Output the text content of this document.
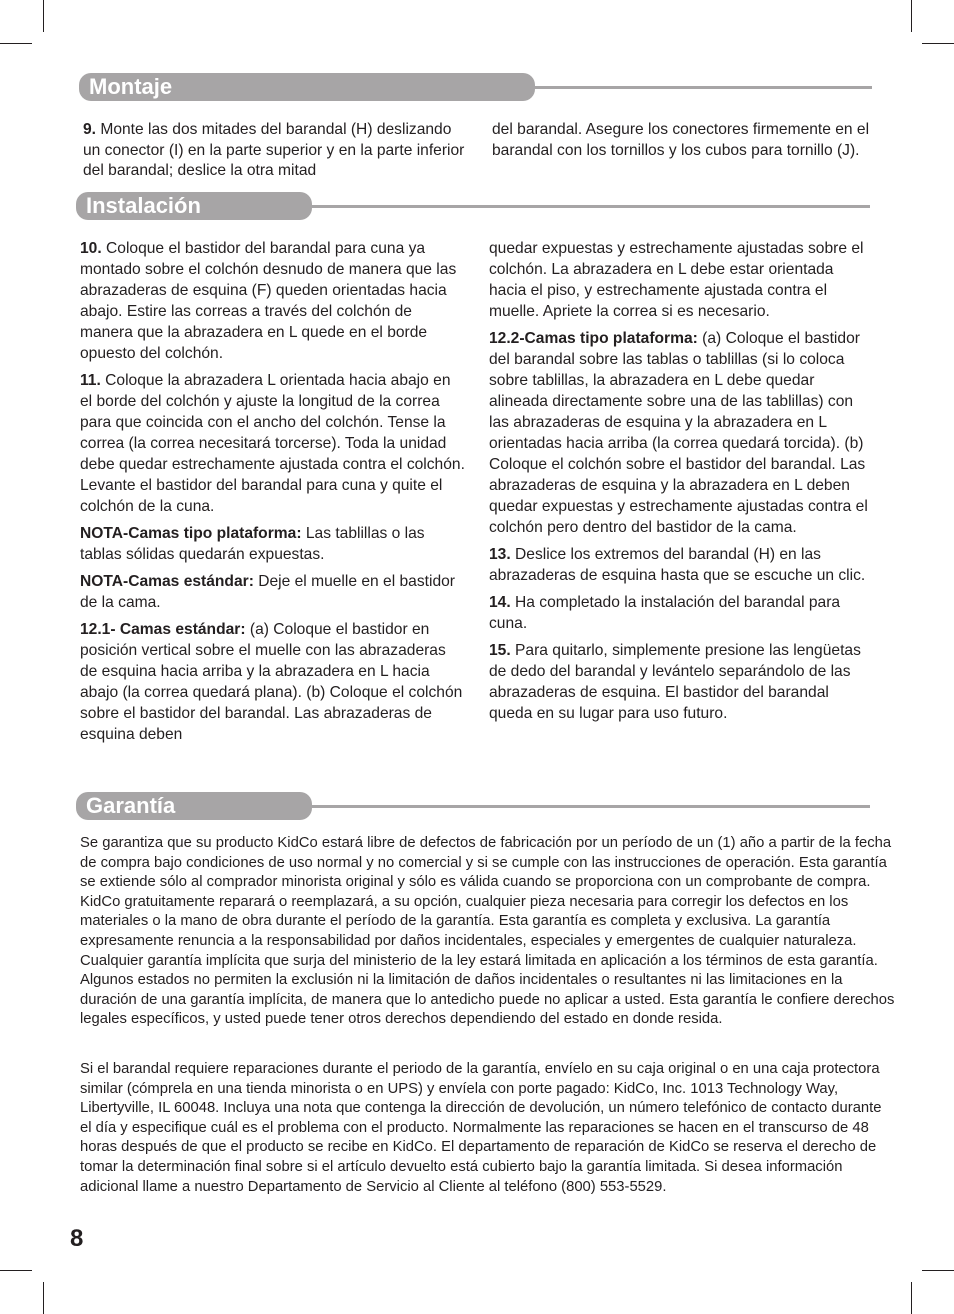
Montaje

9. Monte las dos mitades del barandal (H) deslizando un conector (I) en la parte superior y en la parte inferior del barandal; deslice la otra mitad

del barandal. Asegure los conectores firmemente en el barandal con los tornillos y los cubos para tornillo (J).

Instalación

10. Coloque el bastidor del barandal para cuna ya montado sobre el colchón desnudo de manera que las abrazaderas de esquina (F) queden orientadas hacia abajo. Estire las correas a través del colchón de manera que la abrazadera en L quede en el borde opuesto del colchón.

11. Coloque la abrazadera L orientada hacia abajo en el borde del colchón y ajuste la longitud de la correa para que coincida con el ancho del colchón. Tense la correa (la correa necesitará torcerse). Toda la unidad debe quedar estrechamente ajustada contra el colchón. Levante el bastidor del barandal para cuna y quite el colchón de la cuna.

NOTA-Camas tipo plataforma: Las tablillas o las tablas sólidas quedarán expuestas.

NOTA-Camas estándar: Deje el muelle en el bastidor de la cama.

12.1- Camas estándar: (a) Coloque el bastidor en posición vertical sobre el muelle con las abrazaderas de esquina hacia arriba y la abrazadera en L hacia abajo (la correa quedará plana). (b) Coloque el colchón sobre el bastidor del barandal. Las abrazaderas de esquina deben

quedar expuestas y estrechamente ajustadas sobre el colchón. La abrazadera en L debe estar orientada hacia el piso, y estrechamente ajustada contra el muelle. Apriete la correa si es necesario.

12.2-Camas tipo plataforma: (a) Coloque el bastidor del barandal sobre las tablas o tablillas (si lo coloca sobre tablillas, la abrazadera en L debe quedar alineada directamente sobre una de las tablillas) con las abrazaderas de esquina y la abrazadera en L orientadas hacia arriba (la correa quedará torcida). (b) Coloque el colchón sobre el bastidor del barandal. Las abrazaderas de esquina y la abrazadera en L deben quedar expuestas y estrechamente ajustadas contra el colchón pero dentro del bastidor de la cama.

13. Deslice los extremos del barandal (H) en las abrazaderas de esquina hasta que se escuche un clic.

14. Ha completado la instalación del barandal para cuna.

15. Para quitarlo, simplemente presione las lengüetas de dedo del barandal y levántelo separándolo de las abrazaderas de esquina. El bastidor del barandal queda en su lugar para uso futuro.

Garantía

Se garantiza que su producto KidCo estará libre de defectos de fabricación por un período de un (1) año a partir de la fecha de compra bajo condiciones de uso normal y no comercial y si se cumple con las instrucciones de operación. Esta garantía se extiende sólo al comprador minorista original y sólo es válida cuando se proporciona con un comprobante de compra. KidCo gratuitamente reparará o reemplazará, a su opción, cualquier pieza necesaria para corregir los defectos en los materiales o la mano de obra durante el período de la garantía. Esta garantía es completa y exclusiva. La garantía expresamente renuncia a la responsabilidad por daños incidentales, especiales y emergentes de cualquier naturaleza. Cualquier garantía implícita que surja del ministerio de la ley estará limitada en aplicación a los términos de esta garantía. Algunos estados no permiten la exclusión ni la limitación de daños incidentales o resultantes ni las limitaciones en la duración de una garantía implícita, de manera que lo antedicho puede no aplicar a usted. Esta garantía le confiere derechos legales específicos, y usted puede tener otros derechos dependiendo del estado en donde resida.

Si el barandal requiere reparaciones durante el periodo de la garantía, envíelo en su caja original o en una caja protectora similar (cómprela en una tienda minorista o en UPS) y envíela con porte pagado: KidCo, Inc. 1013 Technology Way, Libertyville, IL 60048. Incluya una nota que contenga la dirección de devolución, un número telefónico de contacto durante el día y especifique cuál es el problema con el producto. Normalmente las reparaciones se hacen en el transcurso de 48 horas después de que el producto se recibe en KidCo. El departamento de reparación de KidCo se reserva el derecho de tomar la determinación final sobre si el artículo devuelto está cubierto bajo la garantía limitada. Si desea información adicional llame a nuestro Departamento de Servicio al Cliente al teléfono (800) 553-5529.

8
